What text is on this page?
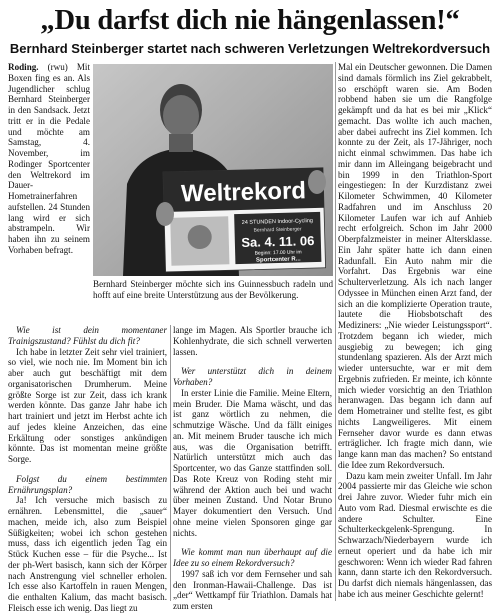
„Du darfst dich nie hängenlassen!“
Bernhard Steinberger startet nach schweren Verletzungen Weltrekordversuch

Roding. (rwu) Mit Boxen fing es an. Als Jugendlicher schlug Bernhard Steinberger in den Sandsack. Jetzt tritt er in die Pedale und möchte am Samstag, 4. November, im Rodinger Sportcenter den Weltrekord im Dauer-Hometrainerfahren aufstellen. 24 Stunden lang wird er sich abstrampeln. Wir haben ihn zu seinem Vorhaben befragt.

Weltrekord
24 STUNDEN Indoor-Cycling
Bernhard Steinberger
Sa. 4. 11. 06
Beginn: 17.00 Uhr im
Sportcenter R...
Bernhard Steinberger möchte sich ins Guinnessbuch radeln und hofft auf eine breite Unterstützung aus der Bevölkerung.

Wie ist dein momentaner Trainigszustand? Fühlst du dich fit?

Ich habe in letzter Zeit sehr viel trainiert, so viel, wie noch nie. Im Moment bin ich aber auch gut beschäftigt mit dem organisatorischen Drumherum. Meine größte Sorge ist zur Zeit, dass ich krank werden könnte. Das ganze Jahr habe ich hart trainiert und jetzt im Herbst achte ich auf jedes kleine Anzeichen, das eine Erkältung oder sonstiges ankündigen könnte. Das ist momentan meine größte Sorge.

Folgst du einem bestimmten Ernährungsplan?

Ja! Ich versuche mich basisch zu ernähren. Lebensmittel, die „sauer“ machen, meide ich, also zum Beispiel Süßigkeiten; wobei ich schon gestehen muss, dass ich eigentlich jeden Tag ein Stück Kuchen esse – für die Psyche... Ist der ph-Wert basisch, kann sich der Körper nach Anstrengung viel schneller erholen. Ich esse also Kartoffeln in rauen Mengen, die enthalten Kalium, das macht basisch. Fleisch esse ich wenig. Das liegt zu

lange im Magen. Als Sportler brauche ich Kohlenhydrate, die sich schnell verwerten lassen.

Wer unterstützt dich in deinem Vorhaben?

In erster Linie die Familie. Meine Eltern, mein Bruder. Die Mama wäscht, und das ist ganz wörtlich zu nehmen, die schmutzige Wäsche. Und da fällt einiges an. Mit meinem Bruder tausche ich mich aus, was die Organisation betrifft. Natürlich unterstützt mich auch das Sportcenter, wo das Ganze stattfinden soll. Das Rote Kreuz von Roding steht mir während der Aktion auch bei und wacht über meinen Zustand. Und Notar Bruno Mayer dokumentiert den Versuch. Und ohne meine vielen Sponsoren ginge gar nichts.

Wie kommt man nun überhaupt auf die Idee zu so einem Rekordversuch?

1997 saß ich vor dem Fernseher und sah den Ironman-Hawaii-Challenge. Das ist „der“ Wettkampf für Triathlon. Damals hat zum ersten

Mal ein Deutscher gewonnen. Die Damen sind damals förmlich ins Ziel gekrabbelt, so erschöpft waren sie. Am Boden robbend haben sie um die Rangfolge gekämpft und da hat es bei mir „Klick“ gemacht. Das wollte ich auch machen, aber dabei aufrecht ins Ziel kommen. Ich konnte zu der Zeit, als 17-Jähriger, noch nicht einmal schwimmen. Das habe ich mir dann im Alleingang beigebracht und bin 1999 in den Triathlon-Sport eingestiegen: In der Kurzdistanz zwei Kilometer Schwimmen, 40 Kilometer Radfahren und im Anschluss 20 Kilometer Laufen war ich auf Anhieb recht erfolgreich. Schon im Jahr 2000 Oberpfalzmeister in meiner Altersklasse. Ein Jahr später hatte ich dann einen Radunfall. Ein Auto nahm mir die Vorfahrt. Das Ergebnis war eine Schulterverletzung. Als ich nach langer Odyssee in München einen Arzt fand, der sich an die komplizierte Operation traute, lautete die Hiobsbotschaft des Mediziners: „Nie wieder Leistungssport“. Trotzdem begann ich wieder, mich ausgiebig zu bewegen; ich ging stundenlang spazieren. Als der Arzt mich wieder untersuchte, war er mit dem Ergebnis zufrieden. Er meinte, ich könnte mich wieder vorsichtig an den Triathlon heranwagen. Das begann ich dann auf dem Hometrainer und stellte fest, es gibt nichts Langweiligeres. Mit einem Fernseher davor wurde es dann etwas erträglicher. Ich fragte mich dann, wie lange kann man das machen? So entstand die Idee zum Rekordversuch.

Dazu kam mein zweiter Unfall. Im Jahr 2004 passierte mir das Gleiche wie schon drei Jahre zuvor. Wieder fuhr mich ein Auto vom Rad. Diesmal erwischte es die andere Schulter. Eine Schulterkeckgelenk-Sprengung. In Schwarzach/Niederbayern wurde ich erneut operiert und da habe ich mir geschworen: Wenn ich wieder Rad fahren kann, dann starte ich den Rekordversuch. Du darfst dich niemals hängenlassen, das habe ich aus meiner Geschichte gelernt!
